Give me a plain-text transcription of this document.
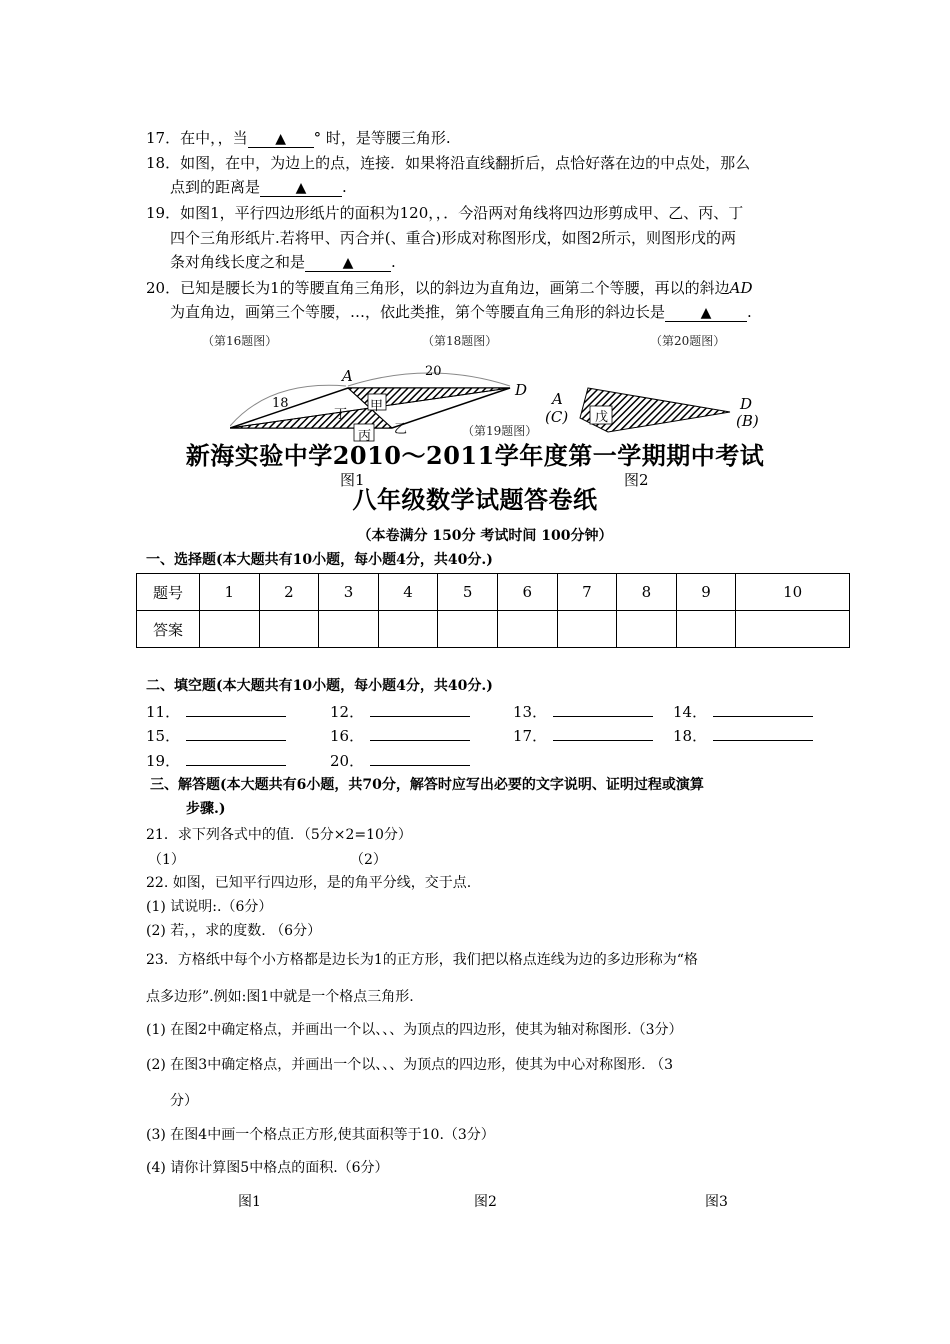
17．在中，，当 ▲ ° 时，是等腰三角形.
18．如图，在中，为边上的点，连接．如果将沿直线翻折后，点恰好落在边的中点处，那么
点到的距离是	▲ .
19．如图1，平行四边形纸片的面积为120，，．今沿两对角线将四边形剪成甲、乙、丙、丁
四个三角形纸片.若将甲、丙合并(、重合)形成对称图形戊，如图2所示，则图形戊的两
条对角线长度之和是	▲	.
20．已知是腰长为1的等腰直角三角形，以的斜边为直角边，画第二个等腰，再以的斜边AD
为直角边，画第三个等腰，…，依此类推，第个等腰直角三角形的斜边长是	▲ .
（第16题图）	（第18题图）	（第20题图）
A	20
D
18	甲
丁
丙 乙	（第19题图）
A
(C) 戊
D
(B)
新海实验中学2010～2011学年度第一学期期中考试
图1	图2
八年级数学试题答卷纸
（本卷满分 150分 考试时间 100分钟）
一、选择题(本大题共有10小题，每小题4分，共40分.)
题号	1	2	3	4	5	6	7	8	9	10
答案										
二、填空题(本大题共有10小题，每小题4分，共40分.)
11．	12．	13．	14．
15．	16．	17．	18．
19．	20．
三、解答题(本大题共有6小题，共70分，解答时应写出必要的文字说明、证明过程或演算
步骤.)
21．求下列各式中的值．（5分×2=10分）
（1）	（2）
22. 如图，已知平行四边形，是的角平分线，交于点.
(1) 试说明:.（6分）
(2) 若，，求的度数. （6分）
23．方格纸中每个小方格都是边长为1的正方形，我们把以格点连线为边的多边形称为“格
点多边形”.例如:图1中就是一个格点三角形.
(1) 在图2中确定格点，并画出一个以、、、为顶点的四边形，使其为轴对称图形.（3分）
(2) 在图3中确定格点，并画出一个以、、、为顶点的四边形，使其为中心对称图形. （3
分）
(3) 在图4中画一个格点正方形,使其面积等于10.（3分）
(4) 请你计算图5中格点的面积.（6分）
图1	图2	图3
